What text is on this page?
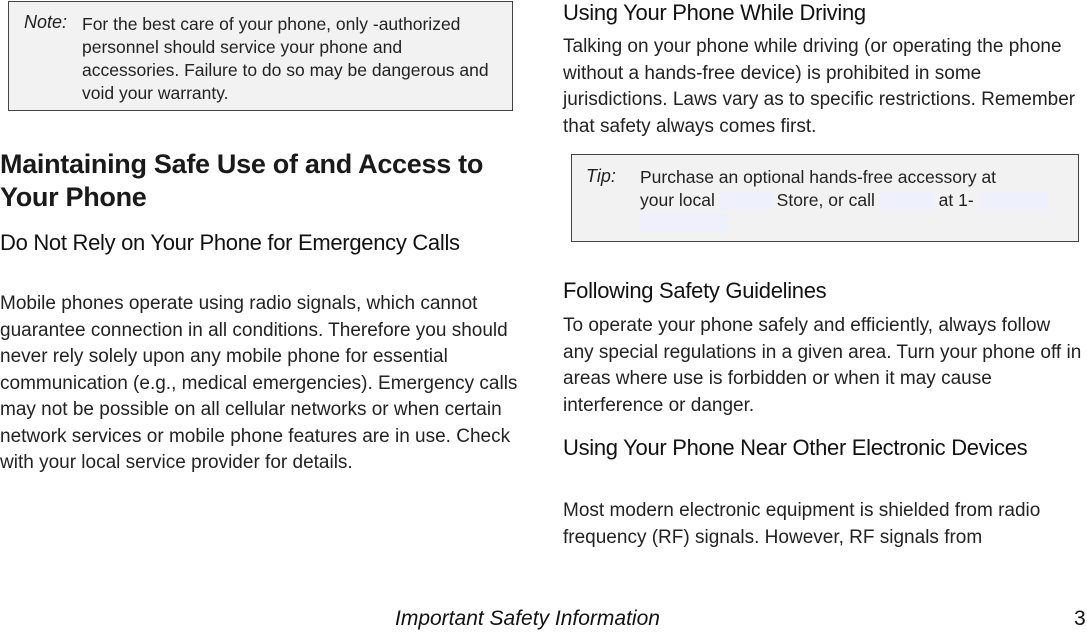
Note: For the best care of your phone, only -authorized personnel should service your phone and accessories. Failure to do so may be dangerous and void your warranty.
Maintaining Safe Use of and Access to Your Phone
Do Not Rely on Your Phone for Emergency Calls
Mobile phones operate using radio signals, which cannot guarantee connection in all conditions. Therefore you should never rely solely upon any mobile phone for essential communication (e.g., medical emergencies). Emergency calls may not be possible on all cellular networks or when certain network services or mobile phone features are in use. Check with your local service provider for details.
Using Your Phone While Driving
Talking on your phone while driving (or operating the phone without a hands-free device) is prohibited in some jurisdictions. Laws vary as to specific restrictions. Remember that safety always comes first.
Tip: Purchase an optional hands-free accessory at
your local	Store, or call	at 1-

Following Safety Guidelines
To operate your phone safely and efficiently, always follow any special regulations in a given area. Turn your phone off in areas where use is forbidden or when it may cause interference or danger.
Using Your Phone Near Other Electronic Devices
Most modern electronic equipment is shielded from radio frequency (RF) signals. However, RF signals from
Important Safety Information	3
